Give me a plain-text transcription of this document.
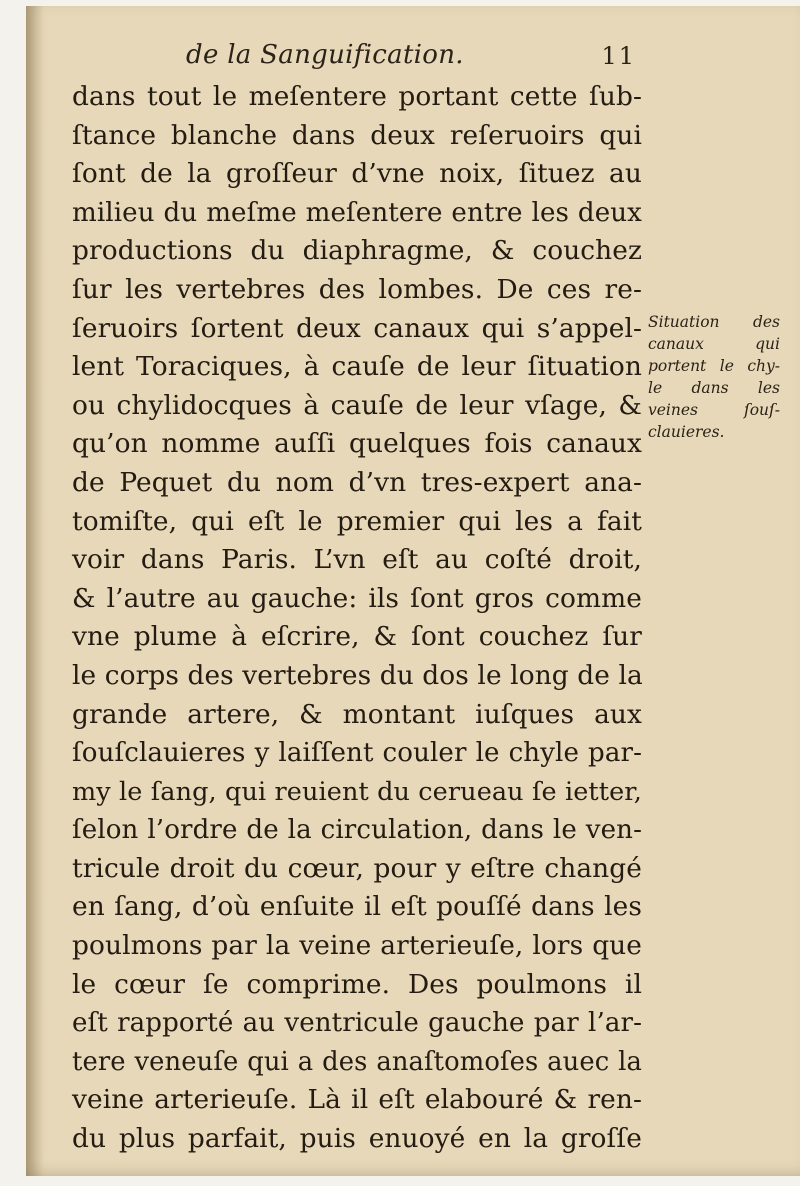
de la Sanguification.	11
dans tout le meſentere portant cette ſub-
ſtance blanche dans deux reſeruoirs qui
ſont de la groſſeur d’vne noix, ſituez au
milieu du meſme meſentere entre les deux
productions du diaphragme, & couchez
ſur les vertebres des lombes. De ces re-
ſeruoirs ſortent deux canaux qui s’appel-
lent Toraciques, à cauſe de leur ſituation
ou chylidocques à cauſe de leur vſage, &
qu’on nomme auſſi quelques fois canaux
de Pequet du nom d’vn tres-expert ana-
tomiſte, qui eſt le premier qui les a fait
voir dans Paris. L’vn eſt au coſté droit,
& l’autre au gauche: ils ſont gros comme
vne plume à eſcrire, & ſont couchez ſur
le corps des vertebres du dos le long de la
grande artere, & montant iuſques aux
ſouſclauieres y laiſſent couler le chyle par-
my le ſang, qui reuient du cerueau ſe ietter,
ſelon l’ordre de la circulation, dans le ven-
tricule droit du cœur, pour y eſtre changé
en ſang, d’où enſuite il eſt pouſſé dans les
poulmons par la veine arterieuſe, lors que
le cœur ſe comprime. Des poulmons il
eſt rapporté au ventricule gauche par l’ar-
tere veneuſe qui a des anaſtomoſes auec la
veine arterieuſe. Là il eſt elabouré & ren-
du plus parfait, puis enuoyé en la groſſe
Situation des
canaux qui
portent le chy-
le dans les
veines ſouſ-
clauieres.
